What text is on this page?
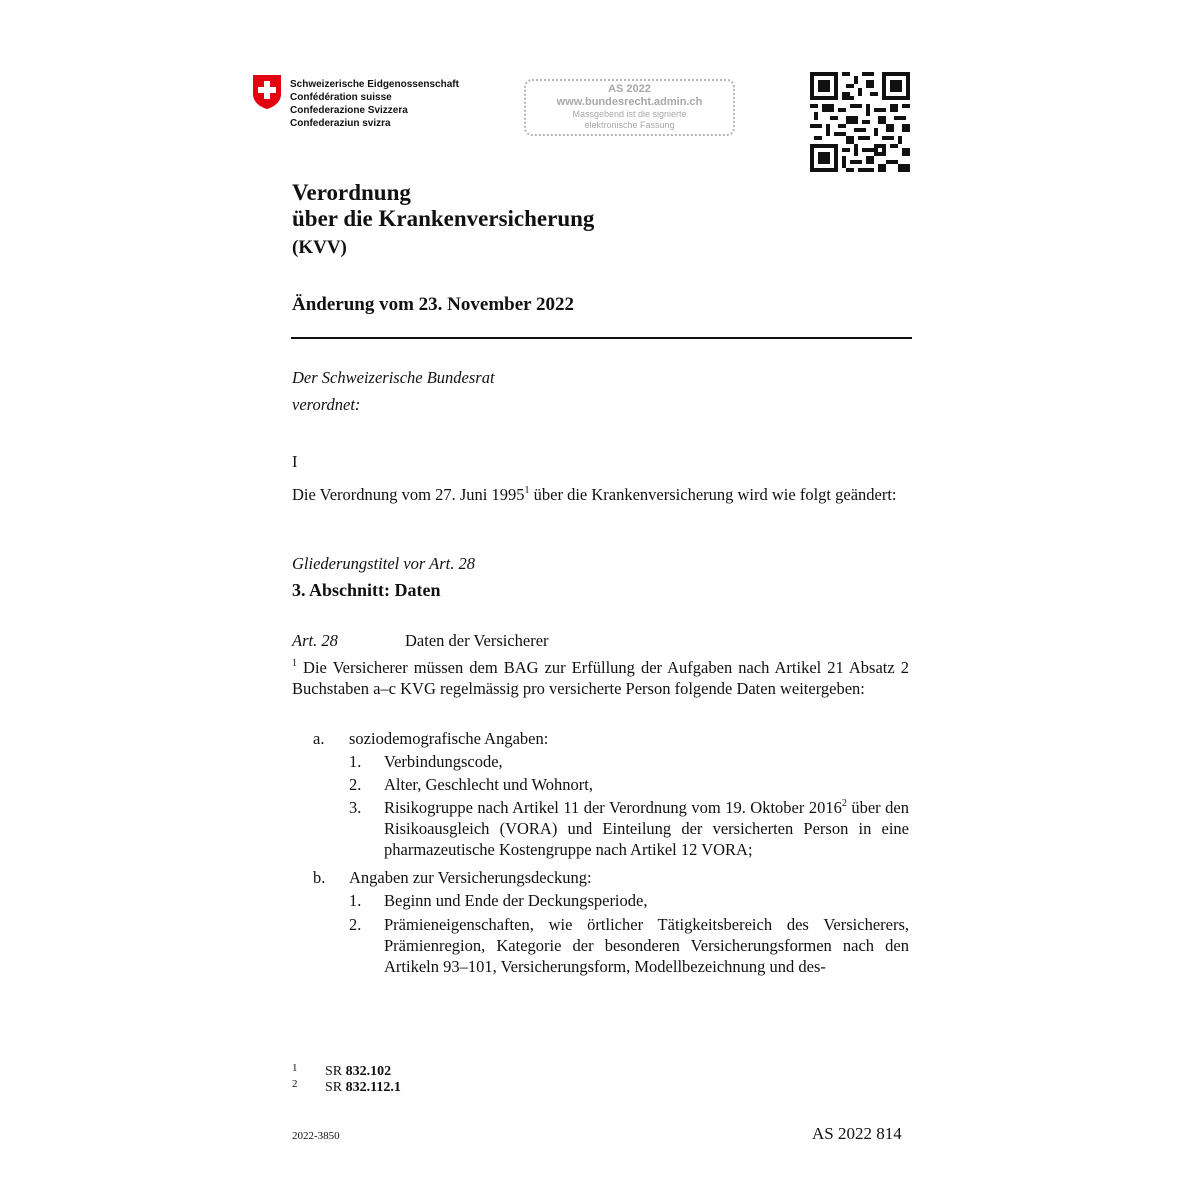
Schweizerische Eidgenossenschaft
Confédération suisse
Confederazione Svizzera
Confederaziun svizra
AS 2022
www.bundesrecht.admin.ch
Massgebend ist die signierte
elektronische Fassung
Verordnung
über die Krankenversicherung
(KVV)
Änderung vom 23. November 2022
Der Schweizerische Bundesrat
verordnet:
I
Die Verordnung vom 27. Juni 1995$^1$ über die Krankenversicherung wird wie folgt geändert:
Gliederungstitel vor Art. 28
3. Abschnitt: Daten
Art. 28	Daten der Versicherer
$^1$ Die Versicherer müssen dem BAG zur Erfüllung der Aufgaben nach Artikel 21 Absatz 2 Buchstaben a–c KVG regelmässig pro versicherte Person folgende Daten weitergeben:
a. soziodemografische Angaben:
1. Verbindungscode,
2. Alter, Geschlecht und Wohnort,
3. Risikogruppe nach Artikel 11 der Verordnung vom 19. Oktober 2016$^2$ über den Risikoausgleich (VORA) und Einteilung der versicherten Person in eine pharmazeutische Kostengruppe nach Artikel 12 VORA;
b. Angaben zur Versicherungsdeckung:
1. Beginn und Ende der Deckungsperiode,
2. Prämieneigenschaften, wie örtlicher Tätigkeitsbereich des Versicherers, Prämienregion, Kategorie der besonderen Versicherungsformen nach den Artikeln 93–101, Versicherungsform, Modellbezeichnung und des-
1 SR 832.102
2 SR 832.112.1
2022-3850	AS 2022 814
